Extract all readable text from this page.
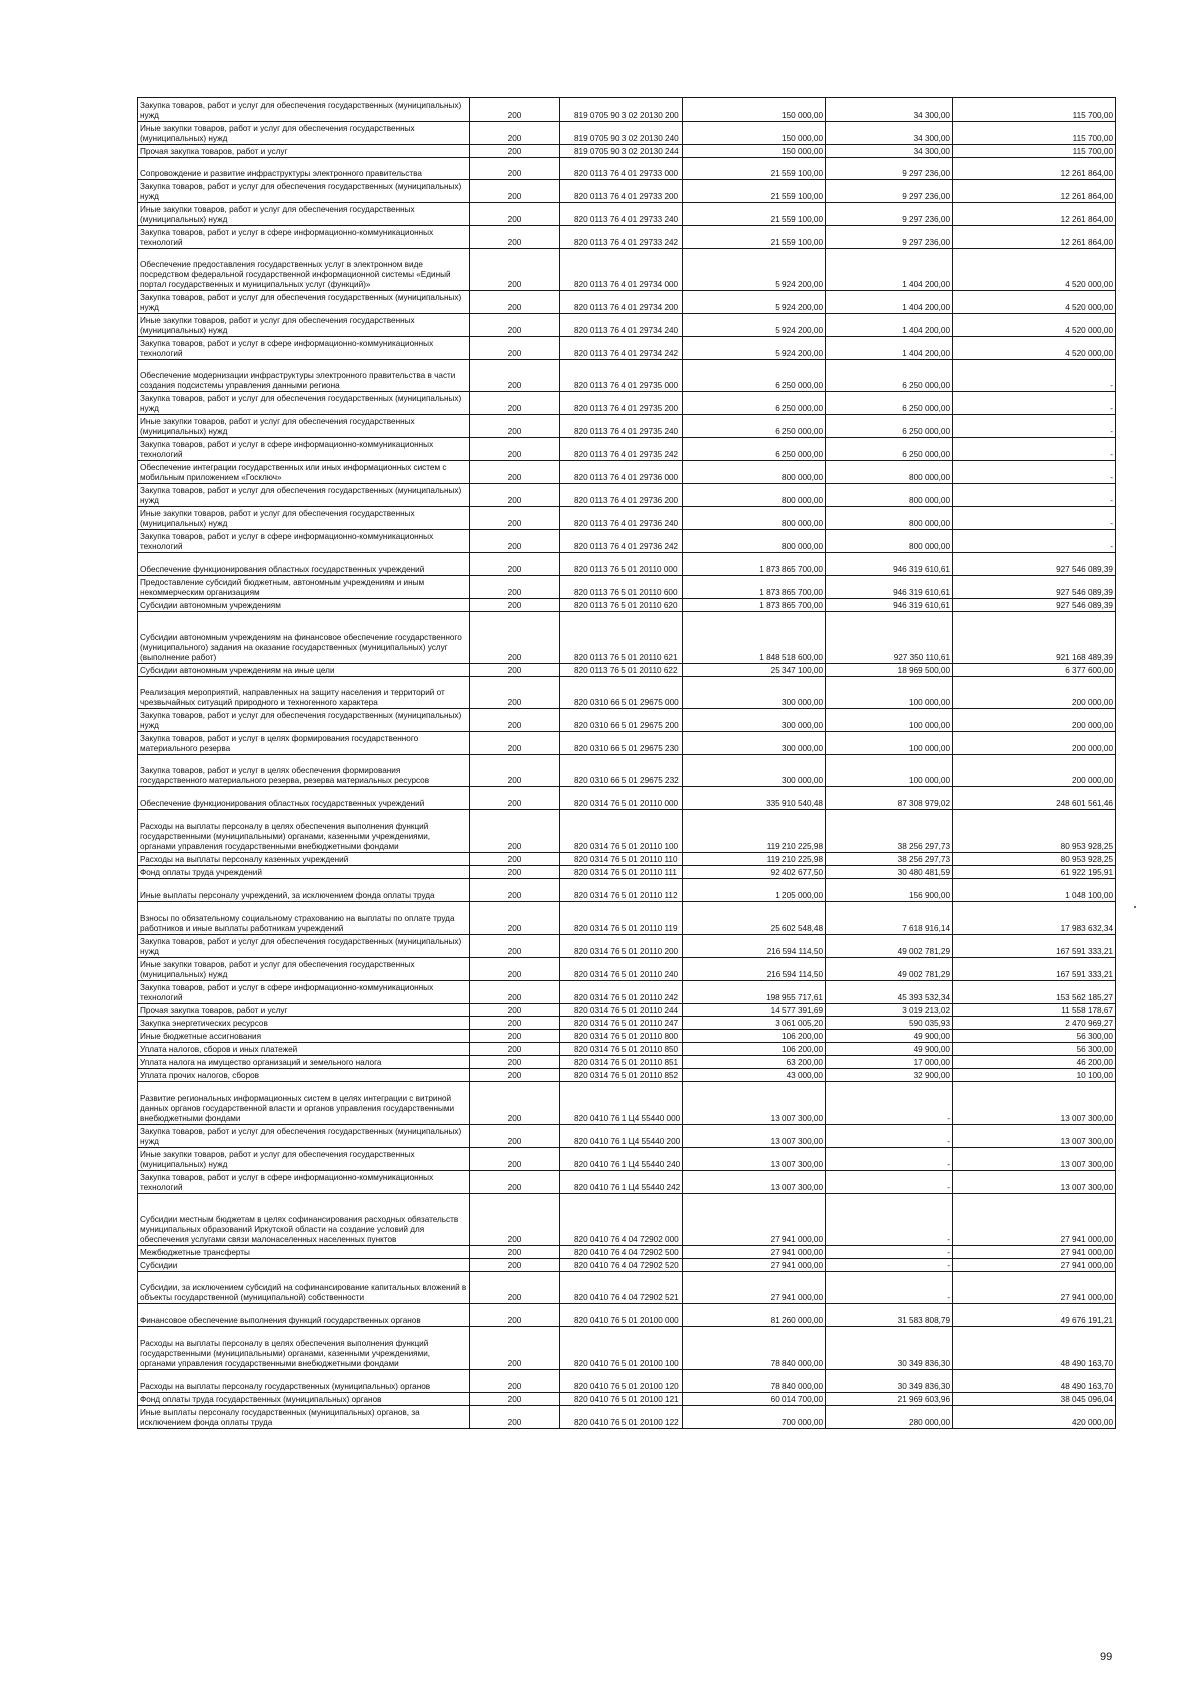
Закупка товаров, работ и услуг для обеспечения государственных (муниципальных) нужд	200	819 0705 90 3 02 20130 200	150 000,00	34 300,00	115 700,00
Иные закупки товаров, работ и услуг для обеспечения государственных (муниципальных) нужд	200	819 0705 90 3 02 20130 240	150 000,00	34 300,00	115 700,00
Прочая закупка товаров, работ и услуг	200	819 0705 90 3 02 20130 244	150 000,00	34 300,00	115 700,00
Сопровождение и развитие инфраструктуры электронного правительства	200	820 0113 76 4 01 29733 000	21 559 100,00	9 297 236,00	12 261 864,00
Закупка товаров, работ и услуг для обеспечения государственных (муниципальных) нужд	200	820 0113 76 4 01 29733 200	21 559 100,00	9 297 236,00	12 261 864,00
Иные закупки товаров, работ и услуг для обеспечения государственных (муниципальных) нужд	200	820 0113 76 4 01 29733 240	21 559 100,00	9 297 236,00	12 261 864,00
Закупка товаров, работ и услуг в сфере информационно-коммуникационных технологий	200	820 0113 76 4 01 29733 242	21 559 100,00	9 297 236,00	12 261 864,00
Обеспечение предоставления государственных услуг в электронном виде посредством федеральной государственной информационной системы «Единый портал государственных и муниципальных услуг (функций)»	200	820 0113 76 4 01 29734 000	5 924 200,00	1 404 200,00	4 520 000,00
Закупка товаров, работ и услуг для обеспечения государственных (муниципальных) нужд	200	820 0113 76 4 01 29734 200	5 924 200,00	1 404 200,00	4 520 000,00
Иные закупки товаров, работ и услуг для обеспечения государственных (муниципальных) нужд	200	820 0113 76 4 01 29734 240	5 924 200,00	1 404 200,00	4 520 000,00
Закупка товаров, работ и услуг в сфере информационно-коммуникационных технологий	200	820 0113 76 4 01 29734 242	5 924 200,00	1 404 200,00	4 520 000,00
Обеспечение модернизации инфраструктуры электронного правительства в части создания подсистемы управления данными региона	200	820 0113 76 4 01 29735 000	6 250 000,00	6 250 000,00	-
Закупка товаров, работ и услуг для обеспечения государственных (муниципальных) нужд	200	820 0113 76 4 01 29735 200	6 250 000,00	6 250 000,00	-
Иные закупки товаров, работ и услуг для обеспечения государственных (муниципальных) нужд	200	820 0113 76 4 01 29735 240	6 250 000,00	6 250 000,00	-
Закупка товаров, работ и услуг в сфере информационно-коммуникационных технологий	200	820 0113 76 4 01 29735 242	6 250 000,00	6 250 000,00	-
Обеспечение интеграции государственных или иных информационных систем с мобильным приложением «Госключ»	200	820 0113 76 4 01 29736 000	800 000,00	800 000,00	-
Закупка товаров, работ и услуг для обеспечения государственных (муниципальных) нужд	200	820 0113 76 4 01 29736 200	800 000,00	800 000,00	-
Иные закупки товаров, работ и услуг для обеспечения государственных (муниципальных) нужд	200	820 0113 76 4 01 29736 240	800 000,00	800 000,00	-
Закупка товаров, работ и услуг в сфере информационно-коммуникационных технологий	200	820 0113 76 4 01 29736 242	800 000,00	800 000,00	-
Обеспечение функционирования областных государственных учреждений	200	820 0113 76 5 01 20110 000	1 873 865 700,00	946 319 610,61	927 546 089,39
Предоставление субсидий бюджетным, автономным учреждениям и иным некоммерческим организациям	200	820 0113 76 5 01 20110 600	1 873 865 700,00	946 319 610,61	927 546 089,39
Субсидии автономным учреждениям	200	820 0113 76 5 01 20110 620	1 873 865 700,00	946 319 610,61	927 546 089,39
Субсидии автономным учреждениям на финансовое обеспечение государственного (муниципального) задания на оказание государственных (муниципальных) услуг (выполнение работ)	200	820 0113 76 5 01 20110 621	1 848 518 600,00	927 350 110,61	921 168 489,39
Субсидии автономным учреждениям на иные цели	200	820 0113 76 5 01 20110 622	25 347 100,00	18 969 500,00	6 377 600,00
Реализация мероприятий, направленных на защиту населения и территорий от чрезвычайных ситуаций природного и техногенного характера	200	820 0310 66 5 01 29675 000	300 000,00	100 000,00	200 000,00
Закупка товаров, работ и услуг для обеспечения государственных (муниципальных) нужд	200	820 0310 66 5 01 29675 200	300 000,00	100 000,00	200 000,00
Закупка товаров, работ и услуг в целях формирования государственного материального резерва	200	820 0310 66 5 01 29675 230	300 000,00	100 000,00	200 000,00
Закупка товаров, работ и услуг в целях обеспечения формирования государственного материального резерва, резерва материальных ресурсов	200	820 0310 66 5 01 29675 232	300 000,00	100 000,00	200 000,00
Обеспечение функционирования областных государственных учреждений	200	820 0314 76 5 01 20110 000	335 910 540,48	87 308 979,02	248 601 561,46
Расходы на выплаты персоналу в целях обеспечения выполнения функций государственными (муниципальными) органами, казенными учреждениями, органами управления государственными внебюджетными фондами	200	820 0314 76 5 01 20110 100	119 210 225,98	38 256 297,73	80 953 928,25
Расходы на выплаты персоналу казенных учреждений	200	820 0314 76 5 01 20110 110	119 210 225,98	38 256 297,73	80 953 928,25
Фонд оплаты труда учреждений	200	820 0314 76 5 01 20110 111	92 402 677,50	30 480 481,59	61 922 195,91
Иные выплаты персоналу учреждений, за исключением фонда оплаты труда	200	820 0314 76 5 01 20110 112	1 205 000,00	156 900,00	1 048 100,00
Взносы по обязательному социальному страхованию на выплаты по оплате труда работников и иные выплаты работникам учреждений	200	820 0314 76 5 01 20110 119	25 602 548,48	7 618 916,14	17 983 632,34
Закупка товаров, работ и услуг для обеспечения государственных (муниципальных) нужд	200	820 0314 76 5 01 20110 200	216 594 114,50	49 002 781,29	167 591 333,21
Иные закупки товаров, работ и услуг для обеспечения государственных (муниципальных) нужд	200	820 0314 76 5 01 20110 240	216 594 114,50	49 002 781,29	167 591 333,21
Закупка товаров, работ и услуг в сфере информационно-коммуникационных технологий	200	820 0314 76 5 01 20110 242	198 955 717,61	45 393 532,34	153 562 185,27
Прочая закупка товаров, работ и услуг	200	820 0314 76 5 01 20110 244	14 577 391,69	3 019 213,02	11 558 178,67
Закупка энергетических ресурсов	200	820 0314 76 5 01 20110 247	3 061 005,20	590 035,93	2 470 969,27
Иные бюджетные ассигнования	200	820 0314 76 5 01 20110 800	106 200,00	49 900,00	56 300,00
Уплата налогов, сборов и иных платежей	200	820 0314 76 5 01 20110 850	106 200,00	49 900,00	56 300,00
Уплата налога на имущество организаций и земельного налога	200	820 0314 76 5 01 20110 851	63 200,00	17 000,00	46 200,00
Уплата прочих налогов, сборов	200	820 0314 76 5 01 20110 852	43 000,00	32 900,00	10 100,00
Развитие региональных информационных систем в целях интеграции с витриной данных органов государственной власти и органов управления государственными внебюджетными фондами	200	820 0410 76 1 Ц4 55440 000	13 007 300,00	-	13 007 300,00
Закупка товаров, работ и услуг для обеспечения государственных (муниципальных) нужд	200	820 0410 76 1 Ц4 55440 200	13 007 300,00	-	13 007 300,00
Иные закупки товаров, работ и услуг для обеспечения государственных (муниципальных) нужд	200	820 0410 76 1 Ц4 55440 240	13 007 300,00	-	13 007 300,00
Закупка товаров, работ и услуг в сфере информационно-коммуникационных технологий	200	820 0410 76 1 Ц4 55440 242	13 007 300,00	-	13 007 300,00
Субсидии местным бюджетам в целях софинансирования расходных обязательств муниципальных образований Иркутской области на создание условий для обеспечения услугами связи малонаселенных населенных пунктов	200	820 0410 76 4 04 72902 000	27 941 000,00	-	27 941 000,00
Межбюджетные трансферты	200	820 0410 76 4 04 72902 500	27 941 000,00	-	27 941 000,00
Субсидии	200	820 0410 76 4 04 72902 520	27 941 000,00	-	27 941 000,00
Субсидии, за исключением субсидий на софинансирование капитальных вложений в объекты государственной (муниципальной) собственности	200	820 0410 76 4 04 72902 521	27 941 000,00	-	27 941 000,00
Финансовое обеспечение выполнения функций государственных органов	200	820 0410 76 5 01 20100 000	81 260 000,00	31 583 808,79	49 676 191,21
Расходы на выплаты персоналу в целях обеспечения выполнения функций государственными (муниципальными) органами, казенными учреждениями, органами управления государственными внебюджетными фондами	200	820 0410 76 5 01 20100 100	78 840 000,00	30 349 836,30	48 490 163,70
Расходы на выплаты персоналу государственных (муниципальных) органов	200	820 0410 76 5 01 20100 120	78 840 000,00	30 349 836,30	48 490 163,70
Фонд оплаты труда государственных (муниципальных) органов	200	820 0410 76 5 01 20100 121	60 014 700,00	21 969 603,96	38 045 096,04
Иные выплаты персоналу государственных (муниципальных) органов, за исключением фонда оплаты труда	200	820 0410 76 5 01 20100 122	700 000,00	280 000,00	420 000,00
99
